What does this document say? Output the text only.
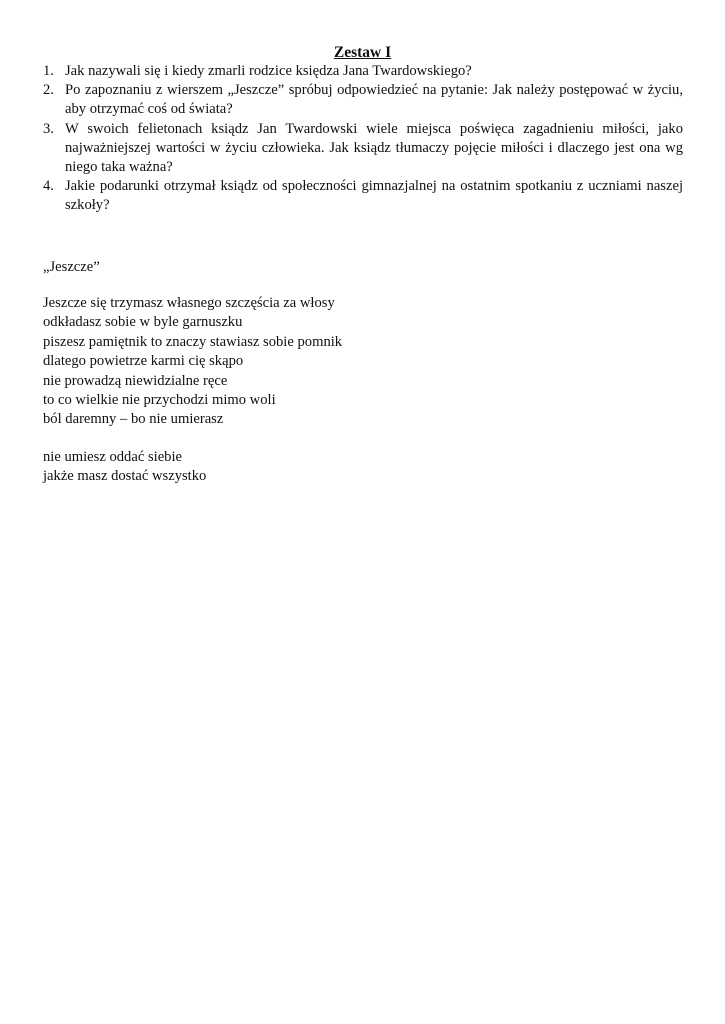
Zestaw I
1. Jak nazywali się i kiedy zmarli rodzice księdza Jana Twardowskiego?
2. Po zapoznaniu z wierszem „Jeszcze” spróbuj odpowiedzieć na pytanie: Jak należy postępować w życiu, aby otrzymać coś od świata?
3. W swoich felietonach ksiądz Jan Twardowski wiele miejsca poświęca zagadnieniu miłości, jako najważniejszej wartości w życiu człowieka. Jak ksiądz tłumaczy pojęcie miłości i dlaczego jest ona wg niego taka ważna?
4. Jakie podarunki otrzymał ksiądz od społeczności gimnazjalnej na ostatnim spotkaniu z uczniami naszej szkoły?
„Jeszcze”
Jeszcze się trzymasz własnego szczęścia za włosy
odkładasz sobie w byle garnuszku
piszesz pamiętnik to znaczy stawiasz sobie pomnik
dlatego powietrze karmi cię skąpo
nie prowadzą niewidzialne ręce
to co wielkie nie przychodzi mimo woli
ból daremny – bo nie umierasz
nie umiesz oddać siebie
jakże masz dostać wszystko
